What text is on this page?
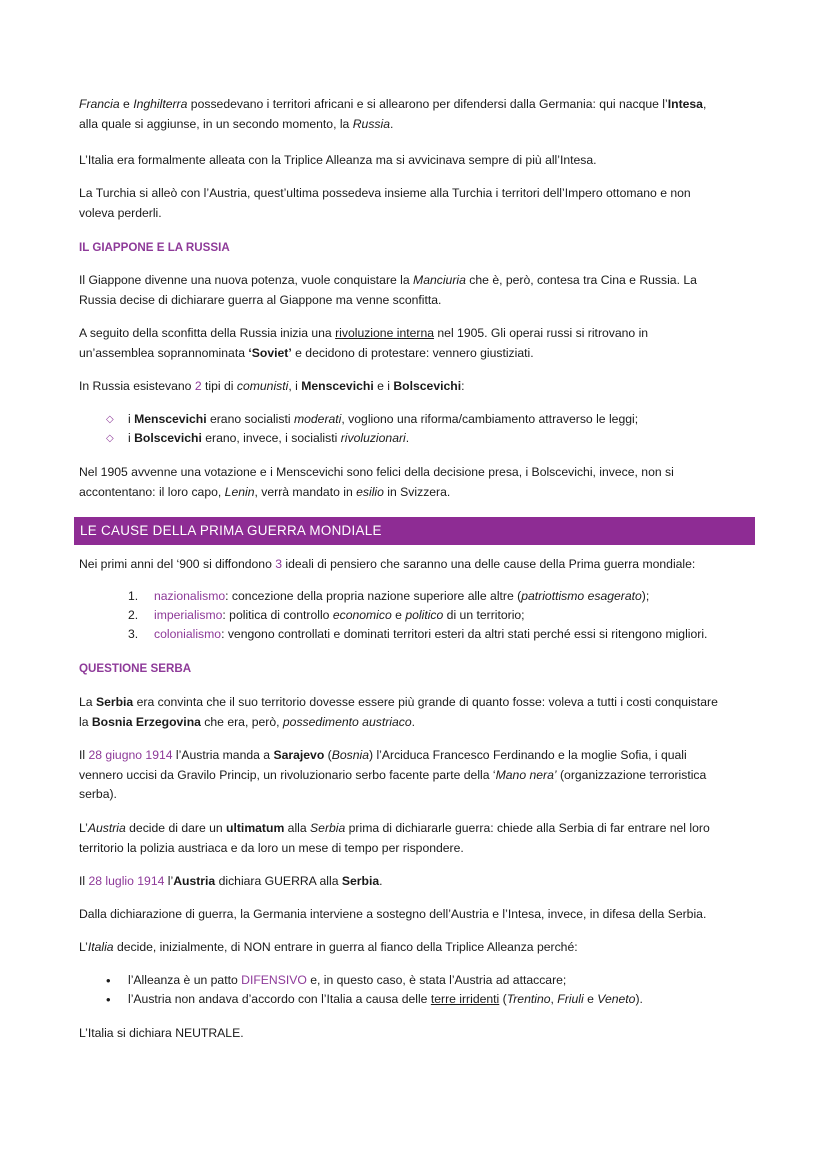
Francia e Inghilterra possedevano i territori africani e si allearono per difendersi dalla Germania: qui nacque l’Intesa,
alla quale si aggiunse, in un secondo momento, la Russia.

L’Italia era formalmente alleata con la Triplice Alleanza ma si avvicinava sempre di più all’Intesa.

La Turchia si alleò con l’Austria, quest’ultima possedeva insieme alla Turchia i territori dell’Impero ottomano e non
voleva perderli.

IL GIAPPONE E LA RUSSIA

Il Giappone divenne una nuova potenza, vuole conquistare la Manciuria che è, però, contesa tra Cina e Russia. La
Russia decise di dichiarare guerra al Giappone ma venne sconfitta.

A seguito della sconfitta della Russia inizia una rivoluzione interna nel 1905. Gli operai russi si ritrovano in
un’assemblea soprannominata ‘Soviet’ e decidono di protestare: vennero giustiziati.

In Russia esistevano 2 tipi di comunisti, i Menscevichi e i Bolscevichi:

◇ i Menscevichi erano socialisti moderati, vogliono una riforma/cambiamento attraverso le leggi;
◇ i Bolscevichi erano, invece, i socialisti rivoluzionari.

Nel 1905 avvenne una votazione e i Menscevichi sono felici della decisione presa, i Bolscevichi, invece, non si
accontentano: il loro capo, Lenin, verrà mandato in esilio in Svizzera.

LE CAUSE DELLA PRIMA GUERRA MONDIALE

Nei primi anni del ‘900 si diffondono 3 ideali di pensiero che saranno una delle cause della Prima guerra mondiale:

1. nazionalismo: concezione della propria nazione superiore alle altre (patriottismo esagerato);
2. imperialismo: politica di controllo economico e politico di un territorio;
3. colonialismo: vengono controllati e dominati territori esteri da altri stati perché essi si ritengono migliori.

QUESTIONE SERBA

La Serbia era convinta che il suo territorio dovesse essere più grande di quanto fosse: voleva a tutti i costi conquistare
la Bosnia Erzegovina che era, però, possedimento austriaco.

Il 28 giugno 1914 l’Austria manda a Sarajevo (Bosnia) l’Arciduca Francesco Ferdinando e la moglie Sofia, i quali
vennero uccisi da Gravilo Princip, un rivoluzionario serbo facente parte della ‘Mano nera’ (organizzazione terroristica
serba).

L’Austria decide di dare un ultimatum alla Serbia prima di dichiararle guerra: chiede alla Serbia di far entrare nel loro
territorio la polizia austriaca e da loro un mese di tempo per rispondere.

Il 28 luglio 1914 l’Austria dichiara GUERRA alla Serbia.

Dalla dichiarazione di guerra, la Germania interviene a sostegno dell’Austria e l’Intesa, invece, in difesa della Serbia.

L’Italia decide, inizialmente, di NON entrare in guerra al fianco della Triplice Alleanza perché:

• l’Alleanza è un patto DIFENSIVO e, in questo caso, è stata l’Austria ad attaccare;
• l’Austria non andava d’accordo con l’Italia a causa delle terre irridenti (Trentino, Friuli e Veneto).

L’Italia si dichiara NEUTRALE.
